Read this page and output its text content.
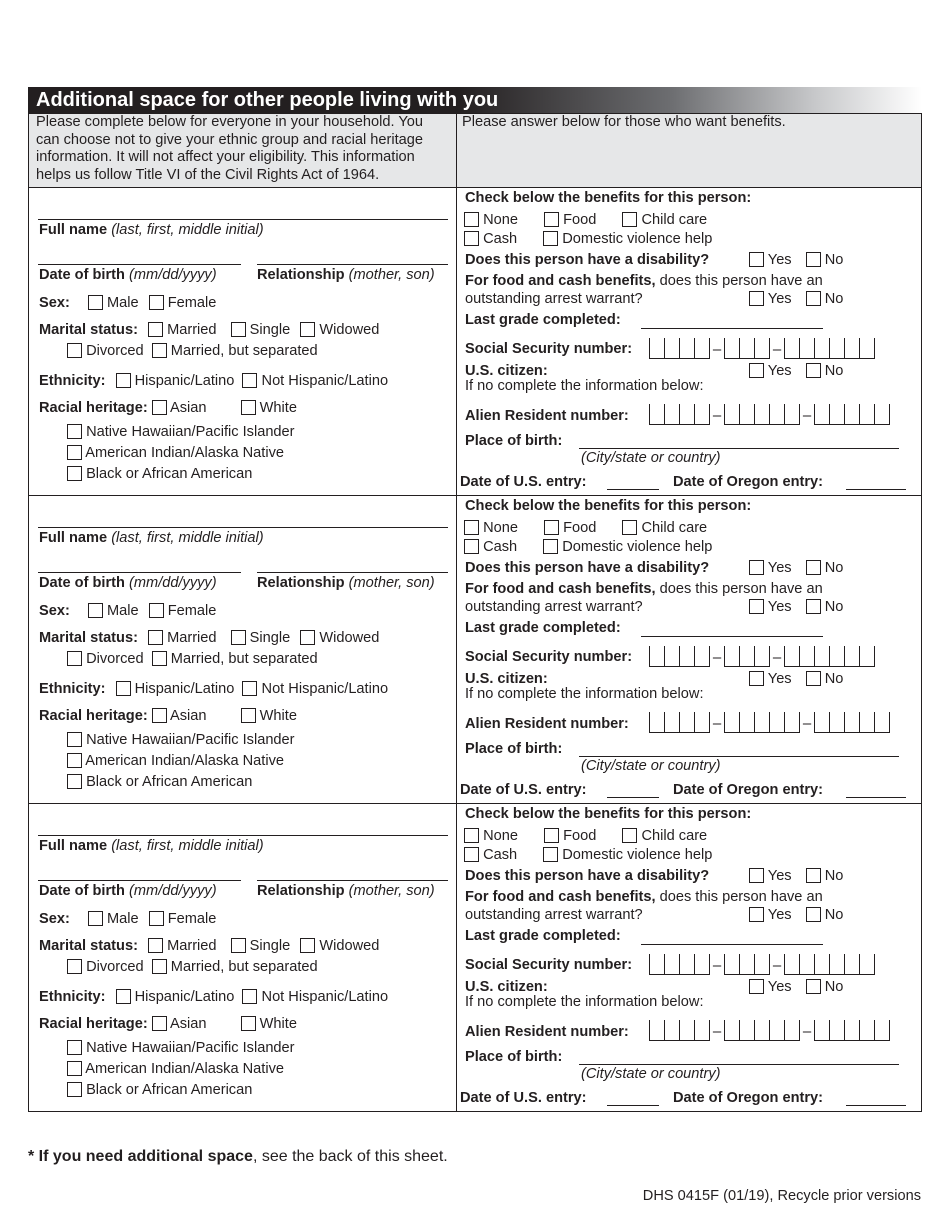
Additional space for other people living with you
Please complete below for everyone in your household. You can choose not to give your ethnic group and racial heritage information. It will not affect your eligibility. This information helps us follow Title VI of the Civil Rights Act of 1964.
Please answer below for those who want benefits.
Full name (last, first, middle initial)
Date of birth (mm/dd/yyyy)	Relationship (mother, son)
Sex:	Male Female
Marital status: Married Single Widowed
Divorced Married, but separated
Ethnicity: Hispanic/Latino Not Hispanic/Latino
Racial heritage: Asian	White
Native Hawaiian/Pacific Islander
American Indian/Alaska Native
Black or African American
Check below the benefits for this person:
None	Food	Child care
Cash	Domestic violence help
Does this person have a disability?	Yes No
For food and cash benefits, does this person have an
outstanding arrest warrant?	Yes No
Last grade completed:
Social Security number:	–	–
U.S. citizen:	Yes No
If no complete the information below:
Alien Resident number:	–	–
Place of birth:
(City/state or country)
Date of U.S. entry:	Date of Oregon entry:
Full name (last, first, middle initial)
Date of birth (mm/dd/yyyy)	Relationship (mother, son)
Sex:	Male Female
Marital status: Married Single Widowed
Divorced Married, but separated
Ethnicity: Hispanic/Latino Not Hispanic/Latino
Racial heritage: Asian	White
Native Hawaiian/Pacific Islander
American Indian/Alaska Native
Black or African American
Check below the benefits for this person:
None	Food	Child care
Cash	Domestic violence help
Does this person have a disability?	Yes No
For food and cash benefits, does this person have an
outstanding arrest warrant?	Yes No
Last grade completed:
Social Security number:	–	–
U.S. citizen:	Yes No
If no complete the information below:
Alien Resident number:	–	–
Place of birth:
(City/state or country)
Date of U.S. entry:	Date of Oregon entry:
Full name (last, first, middle initial)
Date of birth (mm/dd/yyyy)	Relationship (mother, son)
Sex:	Male Female
Marital status: Married Single Widowed
Divorced Married, but separated
Ethnicity: Hispanic/Latino Not Hispanic/Latino
Racial heritage: Asian	White
Native Hawaiian/Pacific Islander
American Indian/Alaska Native
Black or African American
Check below the benefits for this person:
None	Food	Child care
Cash	Domestic violence help
Does this person have a disability?	Yes No
For food and cash benefits, does this person have an
outstanding arrest warrant?	Yes No
Last grade completed:
Social Security number:	–	–
U.S. citizen:	Yes No
If no complete the information below:
Alien Resident number:	–	–
Place of birth:
(City/state or country)
Date of U.S. entry:	Date of Oregon entry:
* If you need additional space, see the back of this sheet.
DHS 0415F (01/19), Recycle prior versions
